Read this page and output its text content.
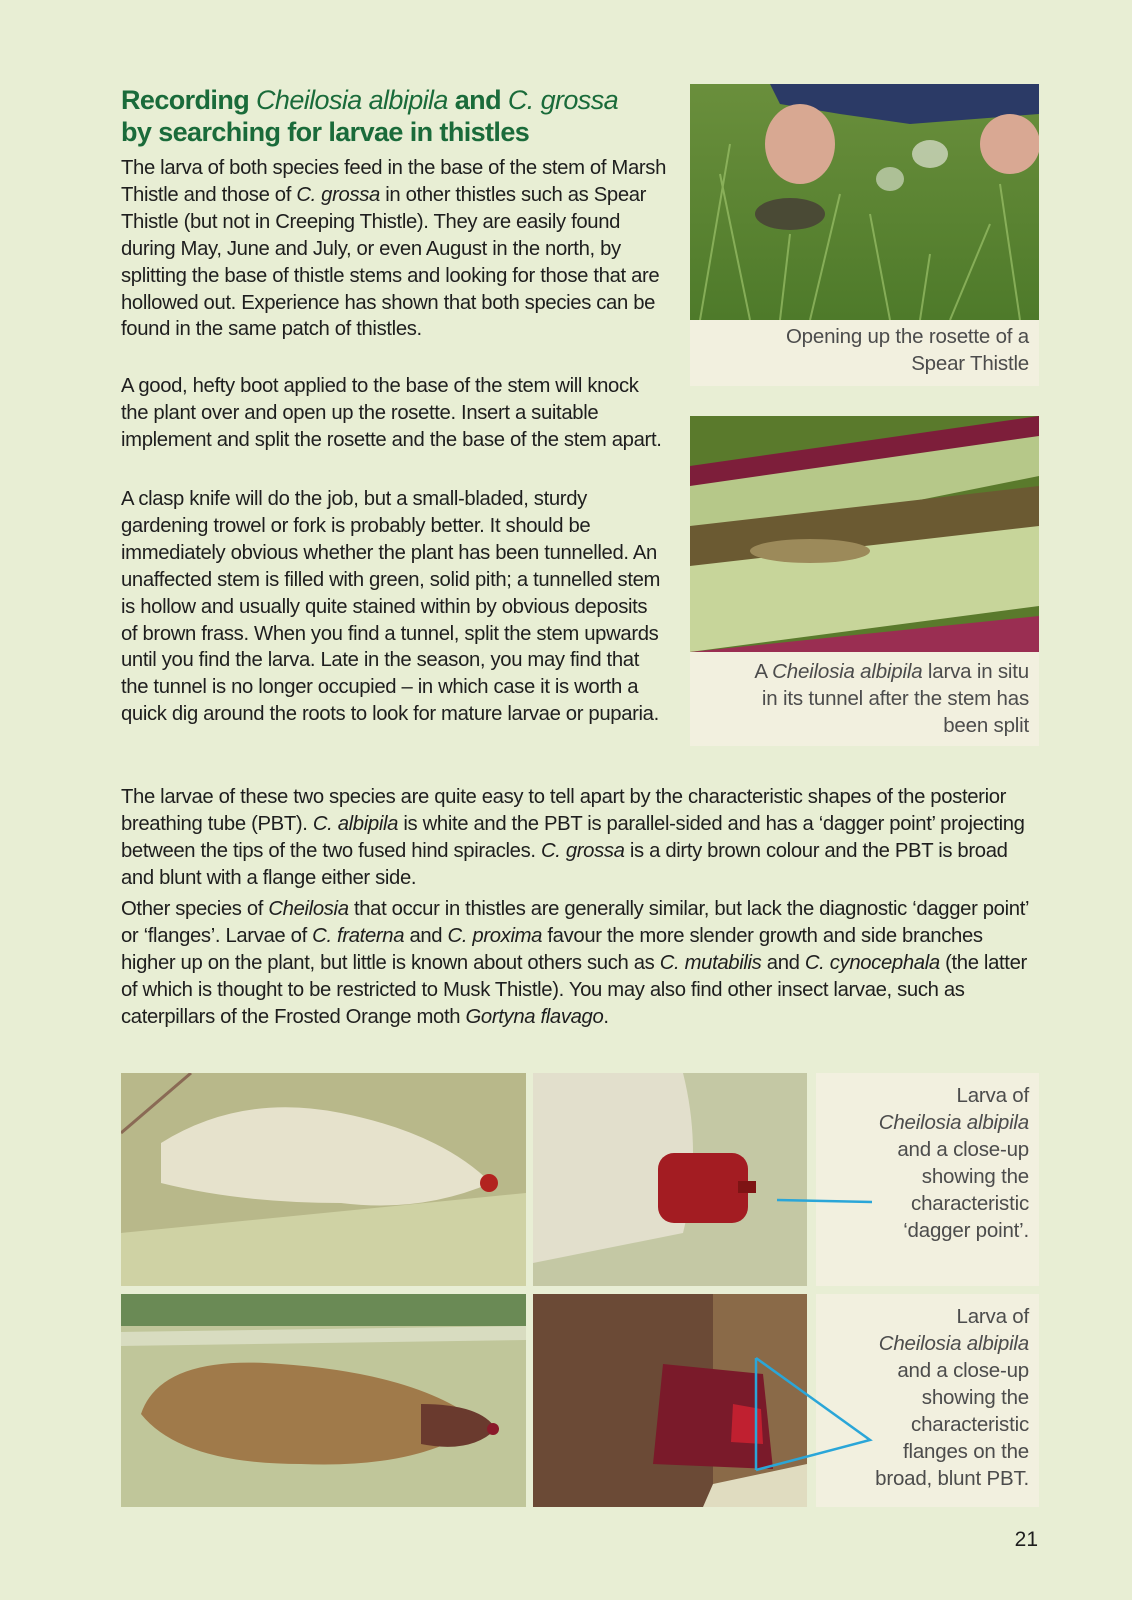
Recording Cheilosia albipila and C. grossa
by searching for larvae in thistles

The larva of both species feed in the base of the stem of Marsh Thistle and those of C. grossa in other thistles such as Spear Thistle (but not in Creeping Thistle). They are easily found during May, June and July, or even August in the north, by splitting the base of thistle stems and looking for those that are hollowed out. Experience has shown that both species can be found in the same patch of thistles.

A good, hefty boot applied to the base of the stem will knock the plant over and open up the rosette. Insert a suitable implement and split the rosette and the base of the stem apart.

A clasp knife will do the job, but a small-bladed, sturdy gardening trowel or fork is probably better. It should be immediately obvious whether the plant has been tunnelled. An unaffected stem is filled with green, solid pith; a tunnelled stem is hollow and usually quite stained within by obvious deposits of brown frass. When you find a tunnel, split the stem upwards until you find the larva. Late in the season, you may find that the tunnel is no longer occupied – in which case it is worth a quick dig around the roots to look for mature larvae or puparia.

The larvae of these two species are quite easy to tell apart by the characteristic shapes of the posterior breathing tube (PBT). C. albipila is white and the PBT is parallel-sided and has a ‘dagger point’ projecting between the tips of the two fused hind spiracles. C. grossa is a dirty brown colour and the PBT is broad and blunt with a flange either side.

Other species of Cheilosia that occur in thistles are generally similar, but lack the diagnostic ‘dagger point’ or ‘flanges’. Larvae of C. fraterna and C. proxima favour the more slender growth and side branches higher up on the plant, but little is known about others such as C. mutabilis and C. cynocephala (the latter of which is thought to be restricted to Musk Thistle). You may also find other insect larvae, such as caterpillars of the Frosted Orange moth Gortyna flavago.

Opening up the rosette of a
Spear Thistle
A Cheilosia albipila larva in situ
in its tunnel after the stem has
been split
Larva of
Cheilosia albipila
and a close-up
showing the
characteristic
‘dagger point’.
Larva of
Cheilosia albipila
and a close-up
showing the
characteristic
flanges on the
broad, blunt PBT.
21
